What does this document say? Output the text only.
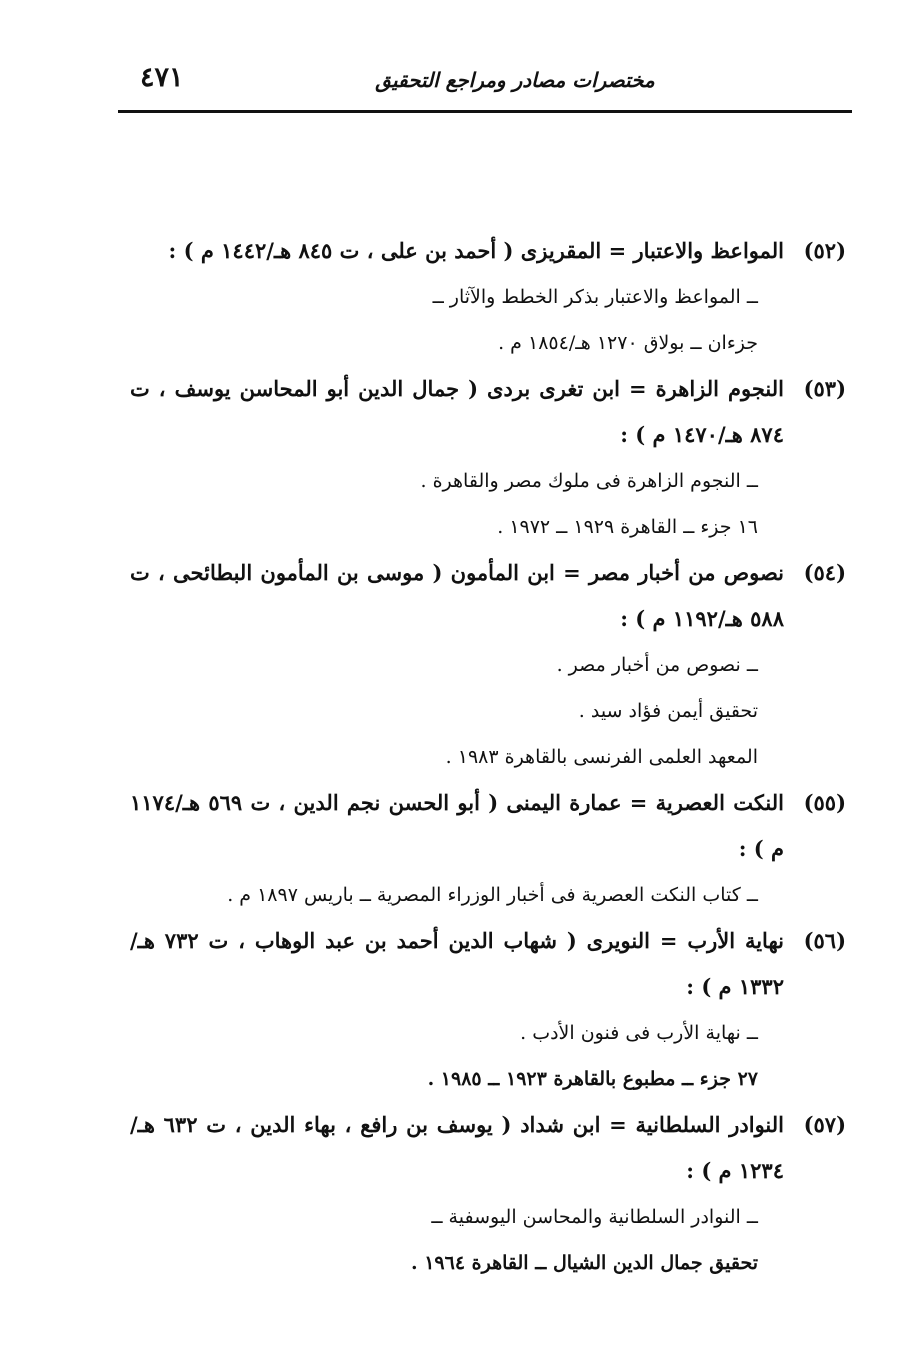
٤٧١	مختصرات مصادر ومراجع التحقيق
(٥٢)
المواعظ والاعتبار = المقريزى ( أحمد بن على ، ت ٨٤٥ هـ/١٤٤٢ م ) :
ــ المواعظ والاعتبار بذكر الخطط والآثار ــ
جزءان ــ بولاق ١٢٧٠ هـ/١٨٥٤ م .
(٥٣)
النجوم الزاهرة = ابن تغرى بردى ( جمال الدين أبو المحاسن يوسف ، ت ٨٧٤ هـ/١٤٧٠ م ) :
ــ النجوم الزاهرة فى ملوك مصر والقاهرة .
١٦ جزء ــ القاهرة ١٩٢٩ ــ ١٩٧٢ .
(٥٤)
نصوص من أخبار مصر = ابن المأمون ( موسى بن المأمون البطائحى ، ت ٥٨٨ هـ/١١٩٢ م ) :
ــ نصوص من أخبار مصر .
تحقيق أيمن فؤاد سيد .
المعهد العلمى الفرنسى بالقاهرة ١٩٨٣ .
(٥٥)
النكت العصرية = عمارة اليمنى ( أبو الحسن نجم الدين ، ت ٥٦٩ هـ/١١٧٤ م ) :
ــ كتاب النكت العصرية فى أخبار الوزراء المصرية ــ باريس ١٨٩٧ م .
(٥٦)
نهاية الأرب = النويرى ( شهاب الدين أحمد بن عبد الوهاب ، ت ٧٣٢ هـ/ ١٣٣٢ م ) :
ــ نهاية الأرب فى فنون الأدب .
٢٧ جزء ــ مطبوع بالقاهرة ١٩٢٣ ــ ١٩٨٥ .
(٥٧)
النوادر السلطانية = ابن شداد ( يوسف بن رافع ، بهاء الدين ، ت ٦٣٢ هـ/ ١٢٣٤ م ) :
ــ النوادر السلطانية والمحاسن اليوسفية ــ
تحقيق جمال الدين الشيال ــ القاهرة ١٩٦٤ .
